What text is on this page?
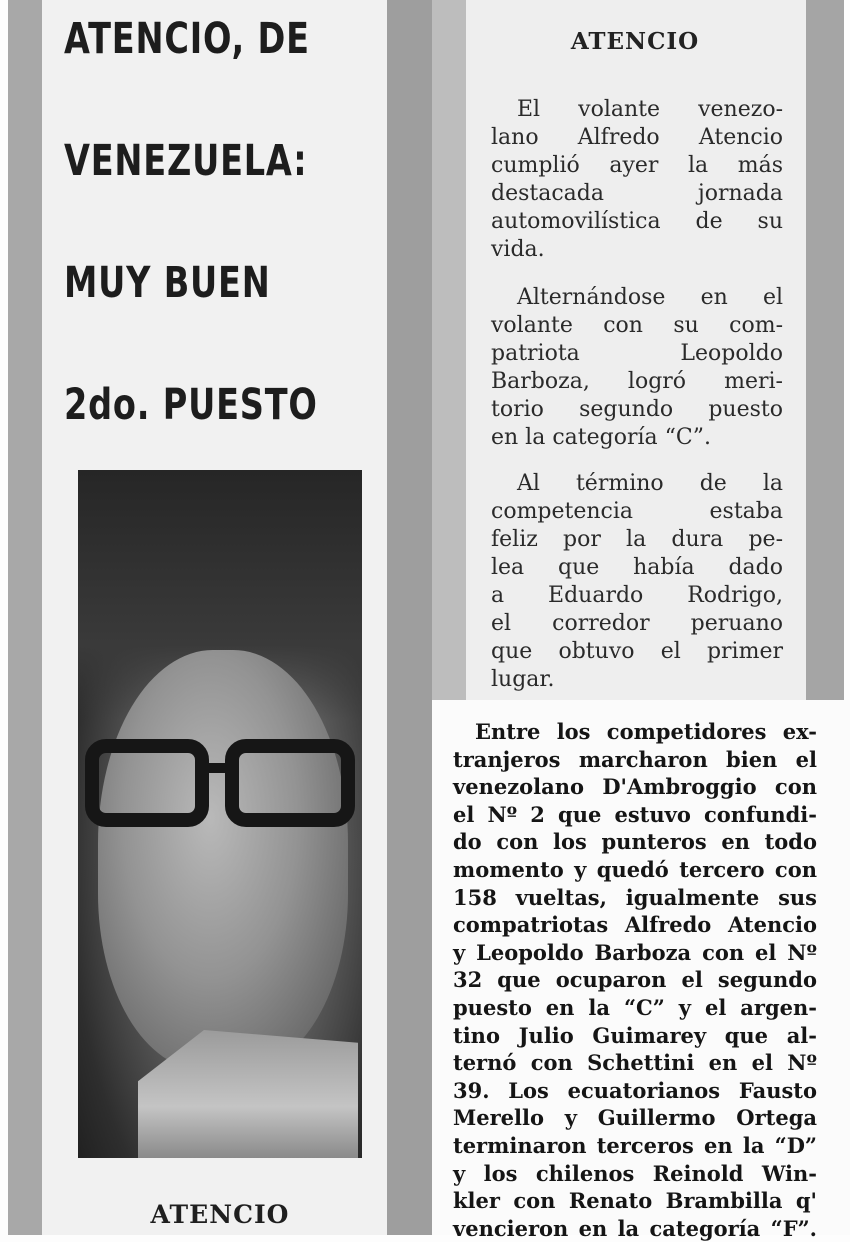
ATENCIO, DE
VENEZUELA:
MUY BUEN
2do. PUESTO
ATENCIO
ATENCIO
El volante venezo-
lano Alfredo Atencio
cumplió ayer la más
destacada jornada
automovilística de su
vida.
Alternándose en el
volante con su com-
patriota Leopoldo
Barboza, logró meri-
torio segundo puesto
en la categoría “C”.
Al término de la
competencia estaba
feliz por la dura pe-
lea que había dado
a Eduardo Rodrigo,
el corredor peruano
que obtuvo el primer
lugar.
Entre los competidores ex-
tranjeros marcharon bien el
venezolano D'Ambroggio con
el Nº 2 que estuvo confundi-
do con los punteros en todo
momento y quedó tercero con
158 vueltas, igualmente sus
compatriotas Alfredo Atencio
y Leopoldo Barboza con el Nº
32 que ocuparon el segundo
puesto en la “C” y el argen-
tino Julio Guimarey que al-
ternó con Schettini en el Nº
39. Los ecuatorianos Fausto
Merello y Guillermo Ortega
terminaron terceros en la “D”
y los chilenos Reinold Win-
kler con Renato Brambilla q'
vencieron en la categoría “F”.
